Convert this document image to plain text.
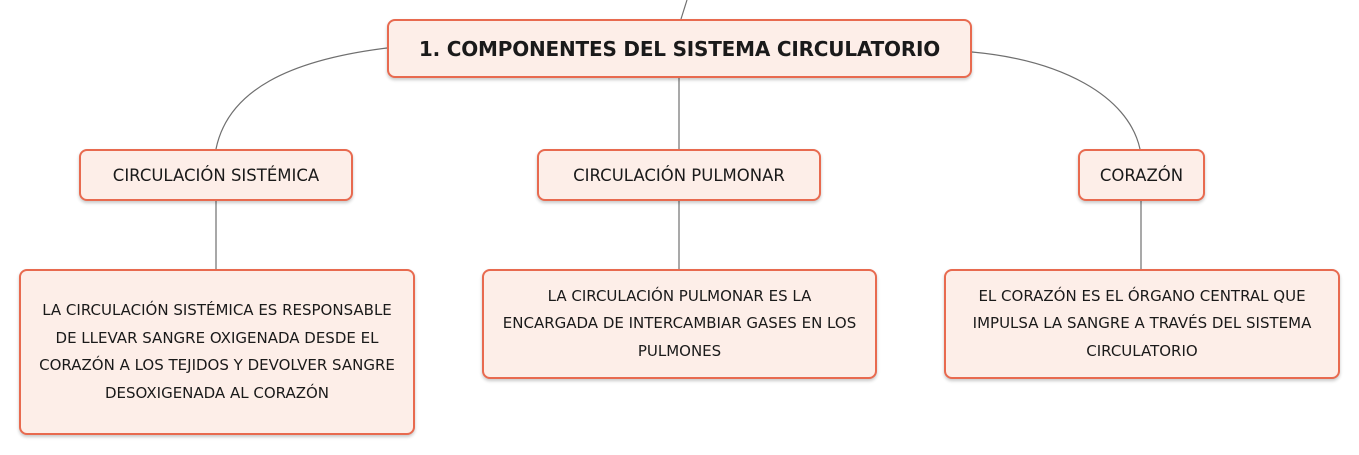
1. COMPONENTES DEL SISTEMA CIRCULATORIO
CIRCULACIÓN SISTÉMICA	CIRCULACIÓN PULMONAR	CORAZÓN
LA CIRCULACIÓN SISTÉMICA ES RESPONSABLE DE LLEVAR SANGRE OXIGENADA DESDE EL CORAZÓN A LOS TEJIDOS Y DEVOLVER SANGRE DESOXIGENADA AL CORAZÓN
LA CIRCULACIÓN PULMONAR ES LA ENCARGADA DE INTERCAMBIAR GASES EN LOS PULMONES
EL CORAZÓN ES EL ÓRGANO CENTRAL QUE IMPULSA LA SANGRE A TRAVÉS DEL SISTEMA CIRCULATORIO
